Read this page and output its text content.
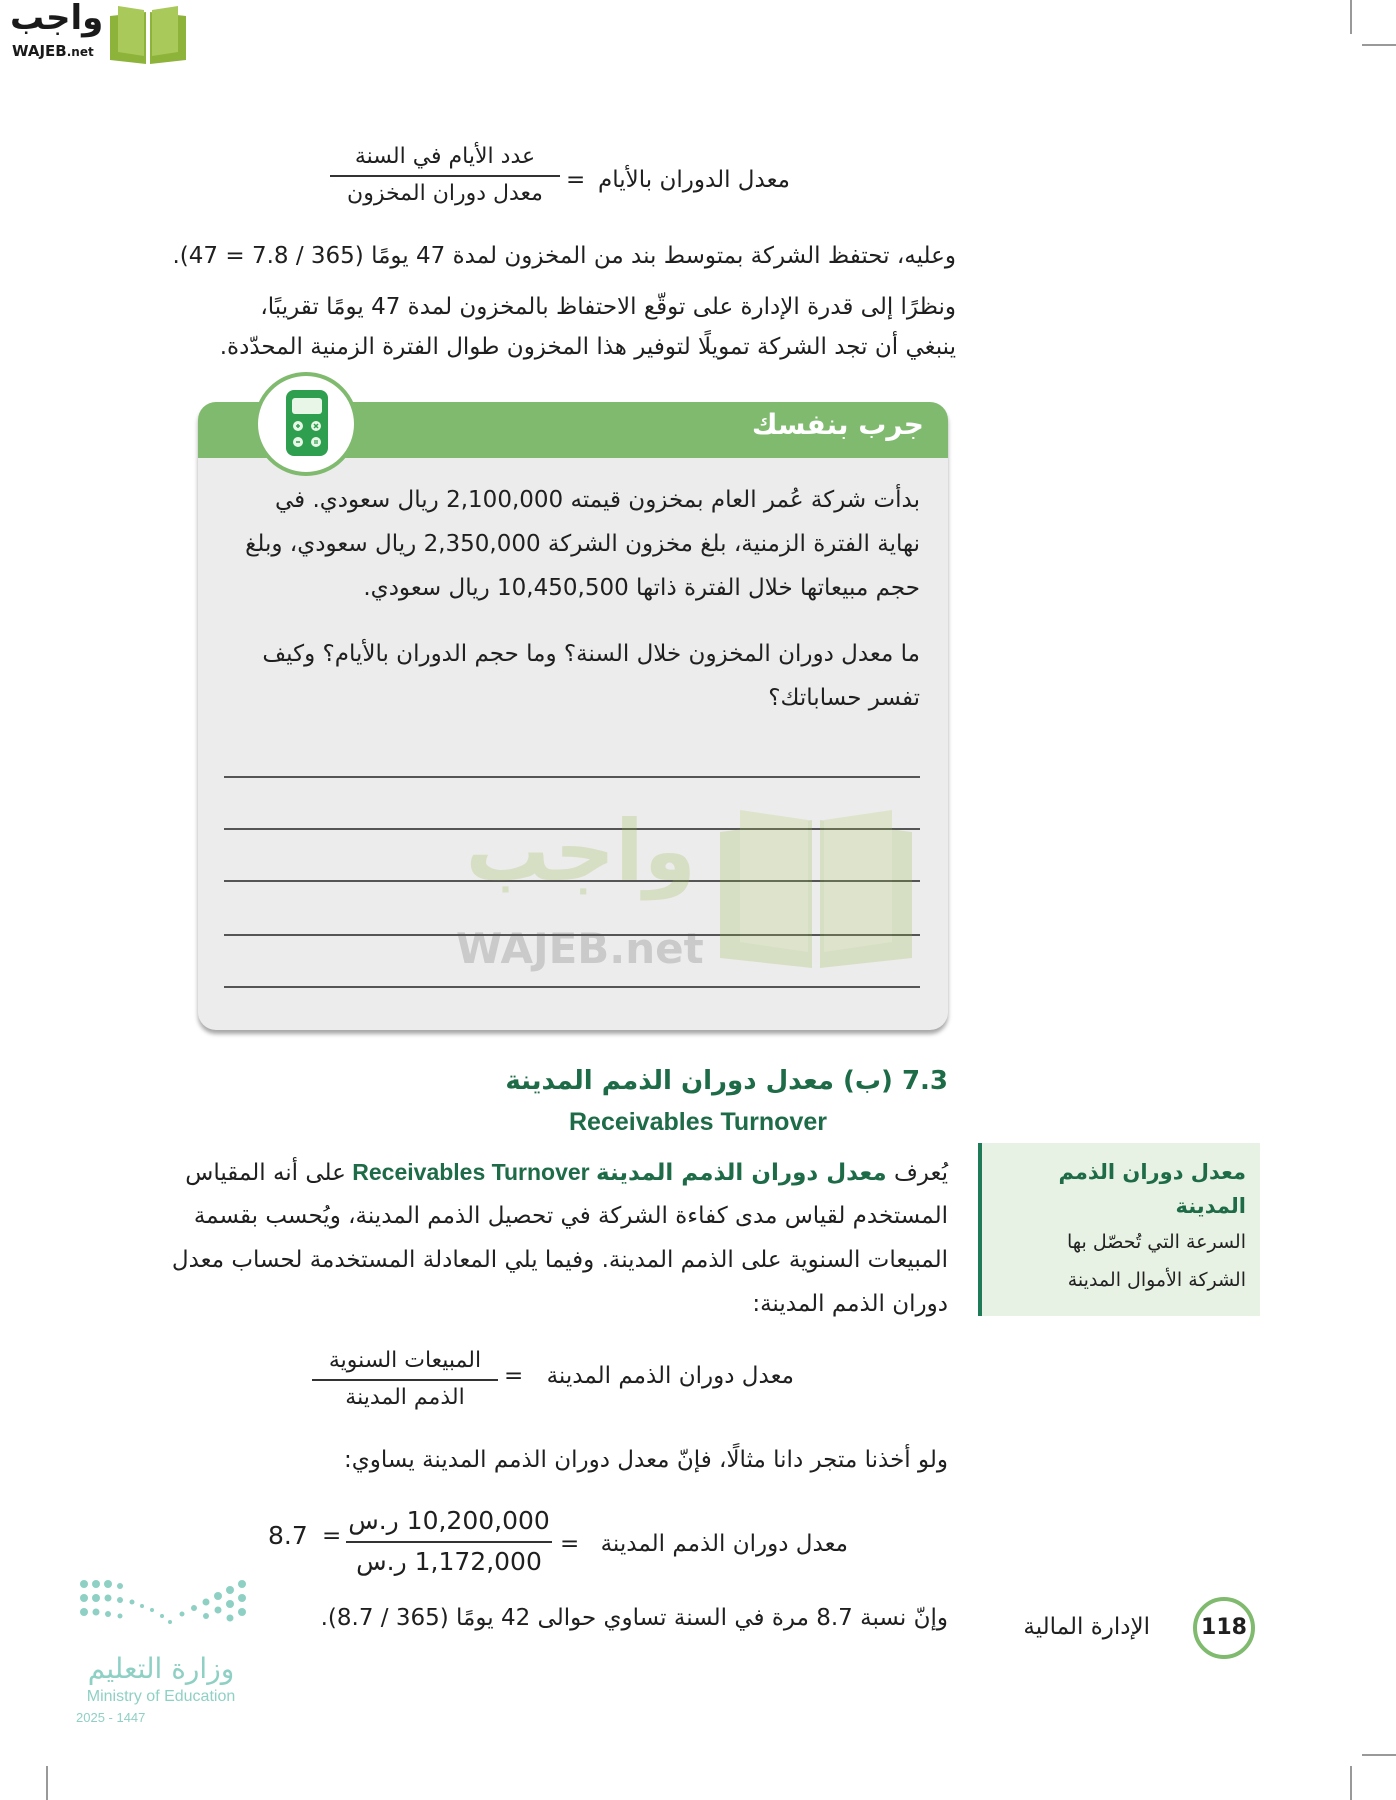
واجب
WAJEB.net
معدل الدوران بالأيام
=
عدد الأيام في السنة
معدل دوران المخزون
وعليه، تحتفظ الشركة بمتوسط بند من المخزون لمدة 47 يومًا (365 / 7.8 = 47).
ونظرًا إلى قدرة الإدارة على توقّع الاحتفاظ بالمخزون لمدة 47 يومًا تقريبًا،
ينبغي أن تجد الشركة تمويلًا لتوفير هذا المخزون طوال الفترة الزمنية المحدّدة.
جرب بنفسك
بدأت شركة عُمر العام بمخزون قيمته 2,100,000 ريال سعودي. في
نهاية الفترة الزمنية، بلغ مخزون الشركة 2,350,000 ريال سعودي، وبلغ
حجم مبيعاتها خلال الفترة ذاتها 10,450,500 ريال سعودي.
ما معدل دوران المخزون خلال السنة؟ وما حجم الدوران بالأيام؟ وكيف
تفسر حساباتك؟
واجب
WAJEB.net
7.3 (ب) معدل دوران الذمم المدينة
Receivables Turnover
معدل دوران الذمم المدينة
السرعة التي تُحصّل بها
الشركة الأموال المدينة
يُعرف معدل دوران الذمم المدينة Receivables Turnover على أنه المقياس
المستخدم لقياس مدى كفاءة الشركة في تحصيل الذمم المدينة، ويُحسب بقسمة
المبيعات السنوية على الذمم المدينة. وفيما يلي المعادلة المستخدمة لحساب معدل
دوران الذمم المدينة:
معدل دوران الذمم المدينة
=
المبيعات السنوية
الذمم المدينة
ولو أخذنا متجر دانا مثالًا، فإنّ معدل دوران الذمم المدينة يساوي:
معدل دوران الذمم المدينة
=
10,200,000 ر.س
1,172,000 ر.س
=
8.7
وإنّ نسبة 8.7 مرة في السنة تساوي حوالى 42 يومًا (365 / 8.7).
وزارة التعليم
Ministry of Education
2025 - 1447
الإدارة المالية	118
